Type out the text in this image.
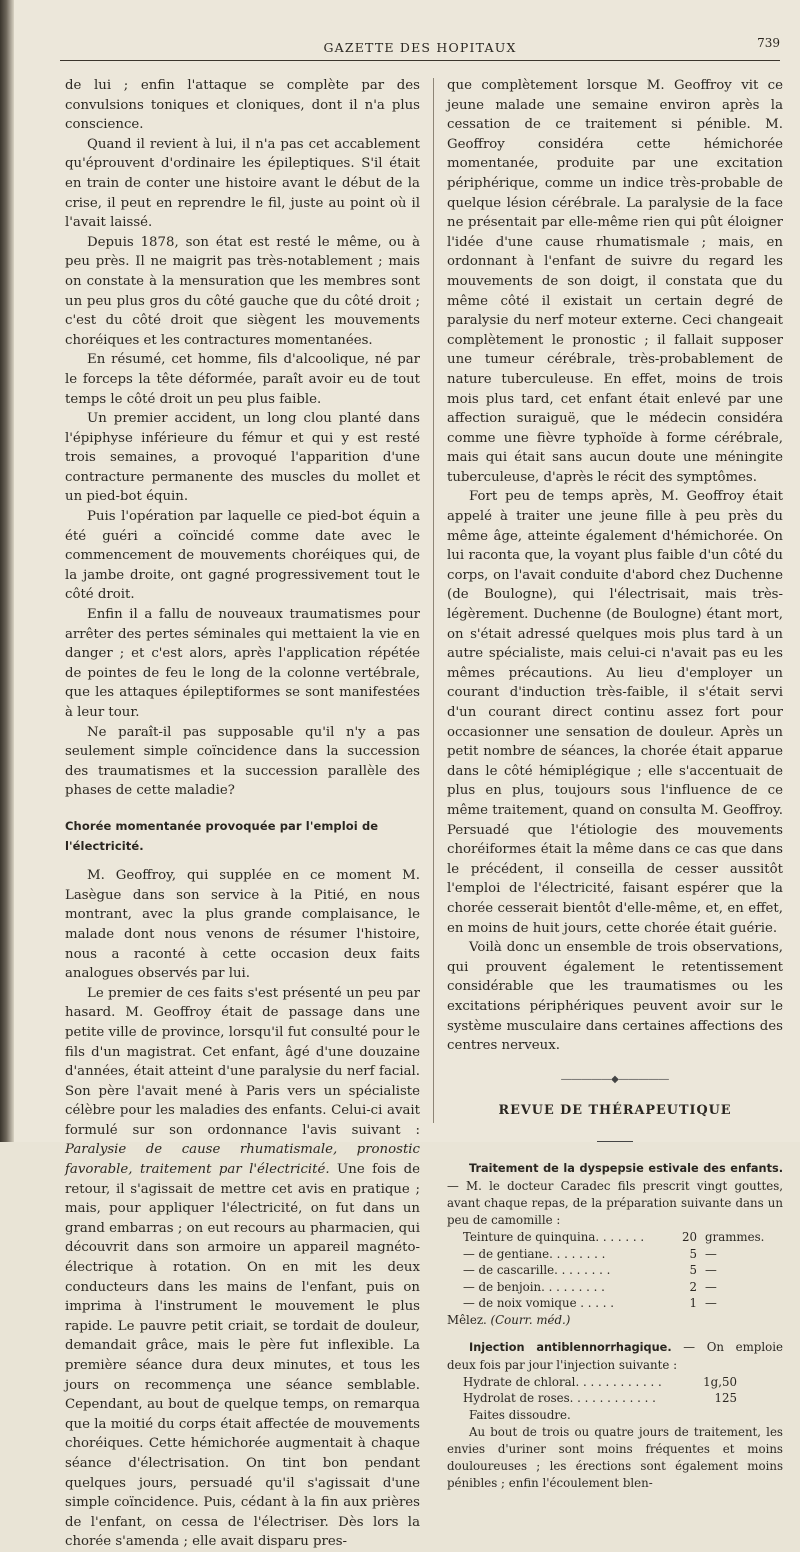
GAZETTE DES HOPITAUX	739

de lui ; enfin l'attaque se complète par des convulsions toniques et cloniques, dont il n'a plus conscience.

Quand il revient à lui, il n'a pas cet accablement qu'éprouvent d'ordinaire les épileptiques. S'il était en train de conter une histoire avant le début de la crise, il peut en reprendre le fil, juste au point où il l'avait laissé.

Depuis 1878, son état est resté le même, ou à peu près. Il ne maigrit pas très-notablement ; mais on constate à la mensuration que les membres sont un peu plus gros du côté gauche que du côté droit ; c'est du côté droit que siègent les mouvements choréiques et les contractures momentanées.

En résumé, cet homme, fils d'alcoolique, né par le forceps la tête déformée, paraît avoir eu de tout temps le côté droit un peu plus faible.

Un premier accident, un long clou planté dans l'épiphyse inférieure du fémur et qui y est resté trois semaines, a provoqué l'apparition d'une contracture permanente des muscles du mollet et un pied-bot équin.

Puis l'opération par laquelle ce pied-bot équin a été guéri a coïncidé comme date avec le commencement de mouvements choréiques qui, de la jambe droite, ont gagné progressivement tout le côté droit.

Enfin il a fallu de nouveaux traumatismes pour arrêter des pertes séminales qui mettaient la vie en danger ; et c'est alors, après l'application répétée de pointes de feu le long de la colonne vertébrale, que les attaques épileptiformes se sont manifestées à leur tour.

Ne paraît-il pas supposable qu'il n'y a pas seulement simple coïncidence dans la succession des traumatismes et la succession parallèle des phases de cette maladie?

Chorée momentanée provoquée par l'emploi de l'électricité.

M. Geoffroy, qui supplée en ce moment M. Lasègue dans son service à la Pitié, en nous montrant, avec la plus grande complaisance, le malade dont nous venons de résumer l'histoire, nous a raconté à cette occasion deux faits analogues observés par lui.

Le premier de ces faits s'est présenté un peu par hasard. M. Geoffroy était de passage dans une petite ville de province, lorsqu'il fut consulté pour le fils d'un magistrat. Cet enfant, âgé d'une douzaine d'années, était atteint d'une paralysie du nerf facial. Son père l'avait mené à Paris vers un spécialiste célèbre pour les maladies des enfants. Celui-ci avait formulé sur son ordonnance l'avis suivant : Paralysie de cause rhumatismale, pronostic favorable, traitement par l'électricité. Une fois de retour, il s'agissait de mettre cet avis en pratique ; mais, pour appliquer l'électricité, on fut dans un grand embarras ; on eut recours au pharmacien, qui découvrit dans son armoire un appareil magnéto-électrique à rotation. On en mit les deux conducteurs dans les mains de l'enfant, puis on imprima à l'instrument le mouvement le plus rapide. Le pauvre petit criait, se tordait de douleur, demandait grâce, mais le père fut inflexible. La première séance dura deux minutes, et tous les jours on recommença une séance semblable. Cependant, au bout de quelque temps, on remarqua que la moitié du corps était affectée de mouvements choréiques. Cette hémichorée augmentait à chaque séance d'électrisation. On tint bon pendant quelques jours, persuadé qu'il s'agissait d'une simple coïncidence. Puis, cédant à la fin aux prières de l'enfant, on cessa de l'électriser. Dès lors la chorée s'amenda ; elle avait disparu pres-

que complètement lorsque M. Geoffroy vit ce jeune malade une semaine environ après la cessation de ce traitement si pénible. M. Geoffroy considéra cette hémichorée momentanée, produite par une excitation périphérique, comme un indice très-probable de quelque lésion cérébrale. La paralysie de la face ne présentait par elle-même rien qui pût éloigner l'idée d'une cause rhumatismale ; mais, en ordonnant à l'enfant de suivre du regard les mouvements de son doigt, il constata que du même côté il existait un certain degré de paralysie du nerf moteur externe. Ceci changeait complètement le pronostic ; il fallait supposer une tumeur cérébrale, très-probablement de nature tuberculeuse. En effet, moins de trois mois plus tard, cet enfant était enlevé par une affection suraiguë, que le médecin considéra comme une fièvre typhoïde à forme cérébrale, mais qui était sans aucun doute une méningite tuberculeuse, d'après le récit des symptômes.

Fort peu de temps après, M. Geoffroy était appelé à traiter une jeune fille à peu près du même âge, atteinte également d'hémichorée. On lui raconta que, la voyant plus faible d'un côté du corps, on l'avait conduite d'abord chez Duchenne (de Boulogne), qui l'électrisait, mais très-légèrement. Duchenne (de Boulogne) étant mort, on s'était adressé quelques mois plus tard à un autre spécialiste, mais celui-ci n'avait pas eu les mêmes précautions. Au lieu d'employer un courant d'induction très-faible, il s'était servi d'un courant direct continu assez fort pour occasionner une sensation de douleur. Après un petit nombre de séances, la chorée était apparue dans le côté hémiplégique ; elle s'accentuait de plus en plus, toujours sous l'influence de ce même traitement, quand on consulta M. Geoffroy. Persuadé que l'étiologie des mouvements choréiformes était la même dans ce cas que dans le précédent, il conseilla de cesser aussitôt l'emploi de l'électricité, faisant espérer que la chorée cesserait bientôt d'elle-même, et, en effet, en moins de huit jours, cette chorée était guérie.

Voilà donc un ensemble de trois observations, qui prouvent également le retentissement considérable que les traumatismes ou les excitations périphériques peuvent avoir sur le système musculaire dans certaines affections des centres nerveux.

―――――◆―――――
REVUE DE THÉRAPEUTIQUE

Traitement de la dyspepsie estivale des enfants. — M. le docteur Caradec fils prescrit vingt gouttes, avant chaque repas, de la préparation suivante dans un peu de camomille :

Teinture de quinquina. . . . . . .	20 grammes.
— de gentiane. . . . . . . .	5 —
— de cascarille. . . . . . . .	5 —
— de benjoin. . . . . . . . .	2 —
— de noix vomique . . . . .	1 —

Mêlez. (Courr. méd.)

Injection antiblennorrhagique. — On emploie deux fois par jour l'injection suivante :

Hydrate de chloral. . . . . . . . . . . .	1g,50
Hydrolat de roses. . . . . . . . . . . .	125

Faites dissoudre.

Au bout de trois ou quatre jours de traitement, les envies d'uriner sont moins fréquentes et moins douloureuses ; les érections sont également moins pénibles ; enfin l'écoulement blen-
